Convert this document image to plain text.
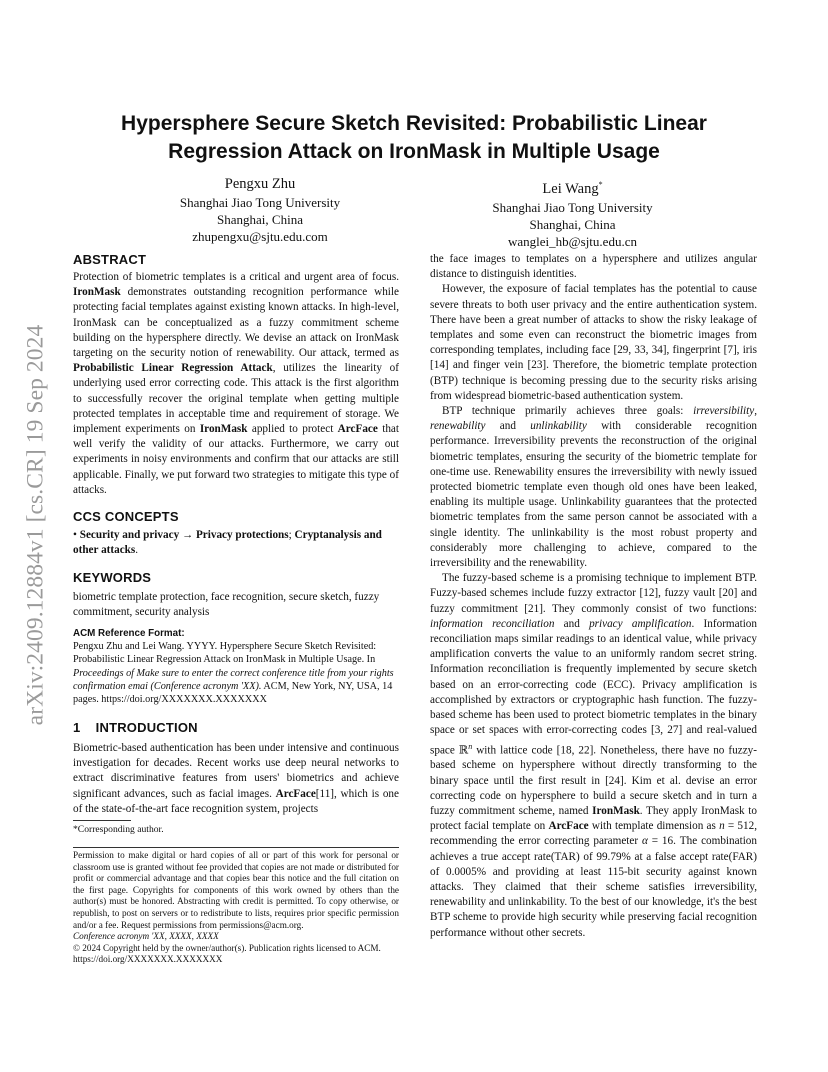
arXiv:2409.12884v1 [cs.CR] 19 Sep 2024
Hypersphere Secure Sketch Revisited: Probabilistic Linear
Regression Attack on IronMask in Multiple Usage
Pengxu Zhu
Shanghai Jiao Tong University
Shanghai, China
zhupengxu@sjtu.edu.com
Lei Wang*
Shanghai Jiao Tong University
Shanghai, China
wanglei_hb@sjtu.edu.cn
ABSTRACT

Protection of biometric templates is a critical and urgent area of focus. IronMask demonstrates outstanding recognition performance while protecting facial templates against existing known attacks. In high-level, IronMask can be conceptualized as a fuzzy commitment scheme building on the hypersphere directly. We devise an attack on IronMask targeting on the security notion of renewability. Our attack, termed as Probabilistic Linear Regression Attack, utilizes the linearity of underlying used error correcting code. This attack is the first algorithm to successfully recover the original template when getting multiple protected templates in acceptable time and requirement of storage. We implement experiments on IronMask applied to protect ArcFace that well verify the validity of our attacks. Furthermore, we carry out experiments in noisy environments and confirm that our attacks are still applicable. Finally, we put forward two strategies to mitigate this type of attacks.

CCS CONCEPTS

• Security and privacy → Privacy protections; Cryptanalysis and other attacks.

KEYWORDS

biometric template protection, face recognition, secure sketch, fuzzy commitment, security analysis

ACM Reference Format:

Pengxu Zhu and Lei Wang. YYYY. Hypersphere Secure Sketch Revisited: Probabilistic Linear Regression Attack on IronMask in Multiple Usage. In Proceedings of Make sure to enter the correct conference title from your rights confirmation emai (Conference acronym 'XX). ACM, New York, NY, USA, 14 pages. https://doi.org/XXXXXXX.XXXXXXX

1    INTRODUCTION

Biometric-based authentication has been under intensive and continuous investigation for decades. Recent works use deep neural networks to extract discriminative features from users' biometrics and achieve significant advances, such as facial images. ArcFace[11], which is one of the state-of-the-art face recognition system, projects

*Corresponding author.

Permission to make digital or hard copies of all or part of this work for personal or classroom use is granted without fee provided that copies are not made or distributed for profit or commercial advantage and that copies bear this notice and the full citation on the first page. Copyrights for components of this work owned by others than the author(s) must be honored. Abstracting with credit is permitted. To copy otherwise, or republish, to post on servers or to redistribute to lists, requires prior specific permission and/or a fee. Request permissions from permissions@acm.org.

Conference acronym 'XX, XXXX, XXXX
© 2024 Copyright held by the owner/author(s). Publication rights licensed to ACM.
https://doi.org/XXXXXXX.XXXXXXX

the face images to templates on a hypersphere and utilizes angular distance to distinguish identities.

However, the exposure of facial templates has the potential to cause severe threats to both user privacy and the entire authentication system. There have been a great number of attacks to show the risky leakage of templates and some even can reconstruct the biometric images from corresponding templates, including face [29, 33, 34], fingerprint [7], iris [14] and finger vein [23]. Therefore, the biometric template protection (BTP) technique is becoming pressing due to the security risks arising from widespread biometric-based authentication system.

BTP technique primarily achieves three goals: irreversibility, renewability and unlinkability with considerable recognition performance. Irreversibility prevents the reconstruction of the original biometric templates, ensuring the security of the biometric template for one-time use. Renewability ensures the irreversibility with newly issued protected biometric template even though old ones have been leaked, enabling its multiple usage. Unlinkability guarantees that the protected biometric templates from the same person cannot be associated with a single identity. The unlinkability is the most robust property and considerably more challenging to achieve, compared to the irreversibility and the renewability.

The fuzzy-based scheme is a promising technique to implement BTP. Fuzzy-based schemes include fuzzy extractor [12], fuzzy vault [20] and fuzzy commitment [21]. They commonly consist of two functions: information reconciliation and privacy amplification. Information reconciliation maps similar readings to an identical value, while privacy amplification converts the value to an uniformly random secret string. Information reconciliation is frequently implemented by secure sketch based on an error-correcting code (ECC). Privacy amplification is accomplished by extractors or cryptographic hash function. The fuzzy-based scheme has been used to protect biometric templates in the binary space or set spaces with error-correcting codes [3, 27] and real-valued space ℝ$^n$ with lattice code [18, 22]. Nonetheless, there have no fuzzy-based scheme on hypersphere without directly transforming to the binary space until the first result in [24]. Kim et al. devise an error correcting code on hypersphere to build a secure sketch and in turn a fuzzy commitment scheme, named IronMask. They apply IronMask to protect facial template on ArcFace with template dimension as n = 512, recommending the error correcting parameter α = 16. The combination achieves a true accept rate(TAR) of 99.79% at a false accept rate(FAR) of 0.0005% and providing at least 115-bit security against known attacks. They claimed that their scheme satisfies irreversibility, renewability and unlinkability. To the best of our knowledge, it's the best BTP scheme to provide high security while preserving facial recognition performance without other secrets.
